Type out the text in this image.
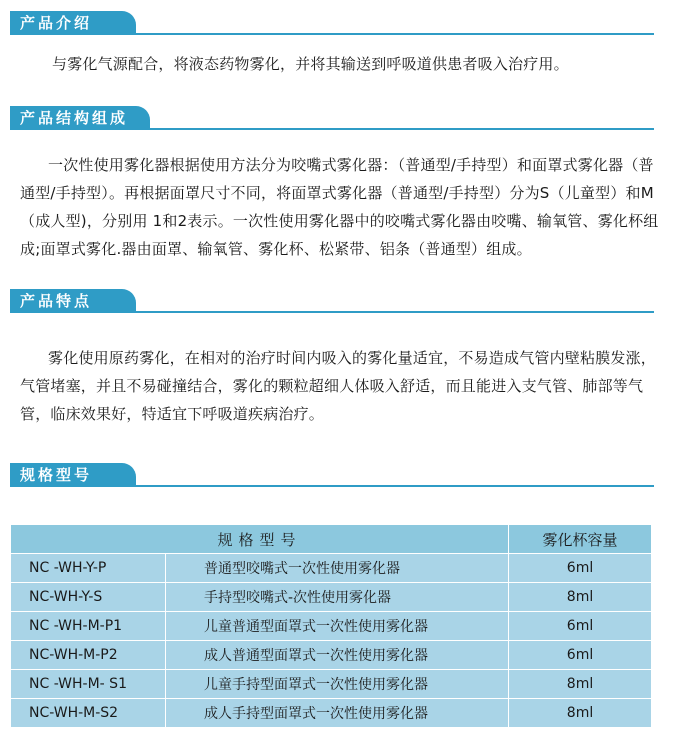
产品介绍

与雾化气源配合，将液态药物雾化，并将其输送到呼吸道供患者吸入治疗用。

产品结构组成

一次性使用雾化器根据使用方法分为咬嘴式雾化器：（普通型/手持型）和面罩式雾化器（普通型/手持型）。再根据面罩尺寸不同，将面罩式雾化器（普通型/手持型）分为S（儿童型）和M（成人型)，分别用 1和2表示。一次性使用雾化器中的咬嘴式雾化器由咬嘴、输氧管、雾化杯组成;面罩式雾化.器由面罩、输氧管、雾化杯、松紧带、铝条（普通型）组成。

产品特点

雾化使用原药雾化，在相对的治疗时间内吸入的雾化量适宜，不易造成气管内壁粘膜发涨，气管堵塞，并且不易碰撞结合，雾化的颗粒超细人体吸入舒适，而且能进入支气管、肺部等气管，临床效果好，特适宜下呼吸道疾病治疗。

规格型号
规格型号		雾化杯容量
NC -WH-Y-P	普通型咬嘴式一次性使用雾化器	6ml
NC-WH-Y-S	手持型咬嘴式-次性使用雾化器	8ml
NC -WH-M-P1	儿童普通型面罩式一次性使用雾化器	6ml
NC-WH-M-P2	成人普通型面罩式一次性使用雾化器	6ml
NC -WH-M- S1	儿童手持型面罩式一次性使用雾化器	8ml
NC-WH-M-S2	成人手持型面罩式一次性使用雾化器	8ml
